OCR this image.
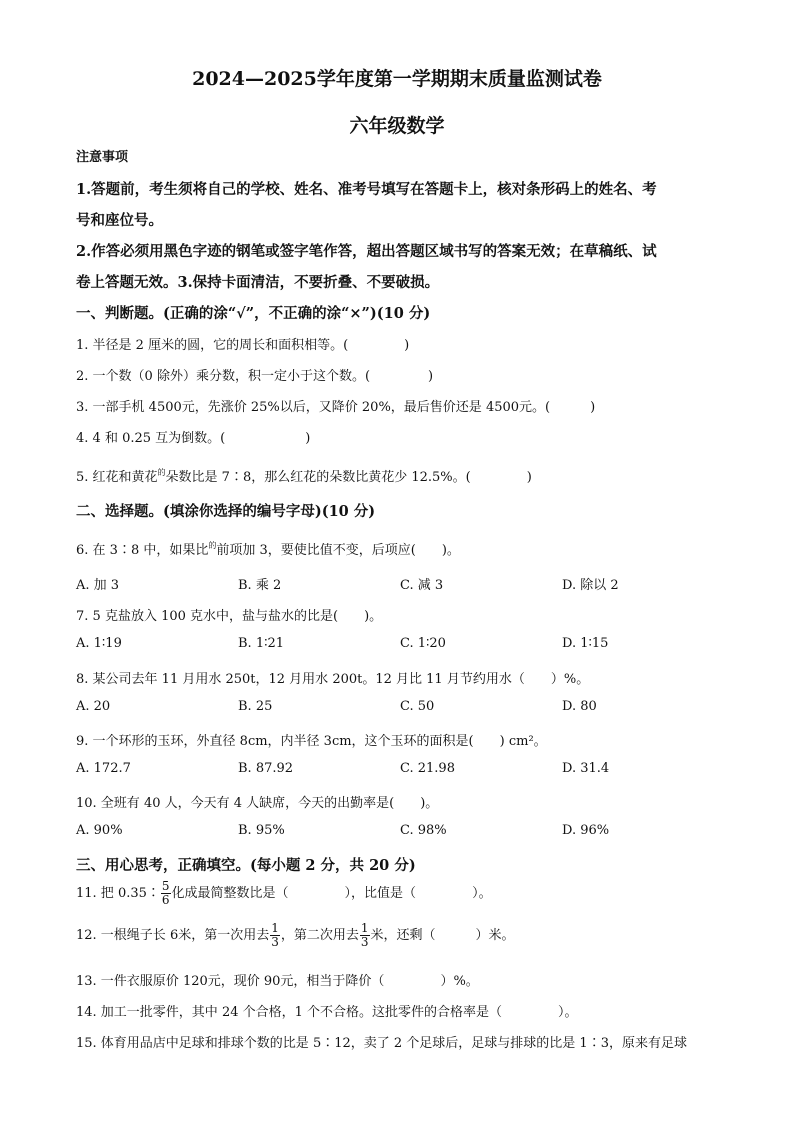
2024—2025学年度第一学期期末质量监测试卷
六年级数学
注意事项
1.答题前，考生须将自己的学校、姓名、准考号填写在答题卡上，核对条形码上的姓名、考
号和座位号。
2.作答必须用黑色字迹的钢笔或签字笔作答，超出答题区域书写的答案无效；在草稿纸、试
卷上答题无效。3.保持卡面清洁，不要折叠、不要破损。
一、判断题。(正确的涂“√”，不正确的涂“×”)(10 分)
1. 半径是 2 厘米的圆，它的周长和面积相等。(	)
2. 一个数（0 除外）乘分数，积一定小于这个数。(	)
3. 一部手机 4500元，先涨价 25%以后，又降价 20%，最后售价还是 4500元。(	)
4. 4 和 0.25 互为倒数。(	)
5. 红花和黄花$^的$朵数比是 7∶8，那么红花的朵数比黄花少 12.5%。(	)
二、选择题。(填涂你选择的编号字母)(10 分)
6. 在 3∶8 中，如果比$^的$前项加 3，要使比值不变，后项应(　　)。
A. 加 3	B. 乘 2	C. 减 3	D. 除以 2
7. 5 克盐放入 100 克水中，盐与盐水的比是(　　)。
A. 1∶19	B. 1∶21	C. 1∶20	D. 1∶15
8. 某公司去年 11 月用水 250t，12 月用水 200t。12 月比 11 月节约用水（　　）%。
A. 20	B. 25	C. 50	D. 80
9. 一个环形的玉环，外直径 8cm，内半径 3cm，这个玉环的面积是(　　) cm²。
A. 172.7	B. 87.92	C. 21.98	D. 31.4
10. 全班有 40 人，今天有 4 人缺席，今天的出勤率是(　　)。
A. 90%	B. 95%	C. 98%	D. 96%
三、用心思考，正确填空。(每小题 2 分，共 20 分)
11. 把 0.35∶ $\frac{5}{6}$ 化成最简整数比是（	），比值是（	）。
12. 一根绳子长 6米，第一次用去 $\frac{1}{3}$ ，第二次用去 $\frac{1}{3}$ 米，还剩（	）米。
13. 一件衣服原价 120元，现价 90元，相当于降价（	）%。
14. 加工一批零件，其中 24 个合格，1 个不合格。这批零件的合格率是（	）。
15. 体育用品店中足球和排球个数的比是 5∶12，卖了 2 个足球后，足球与排球的比是 1∶3，原来有足球
